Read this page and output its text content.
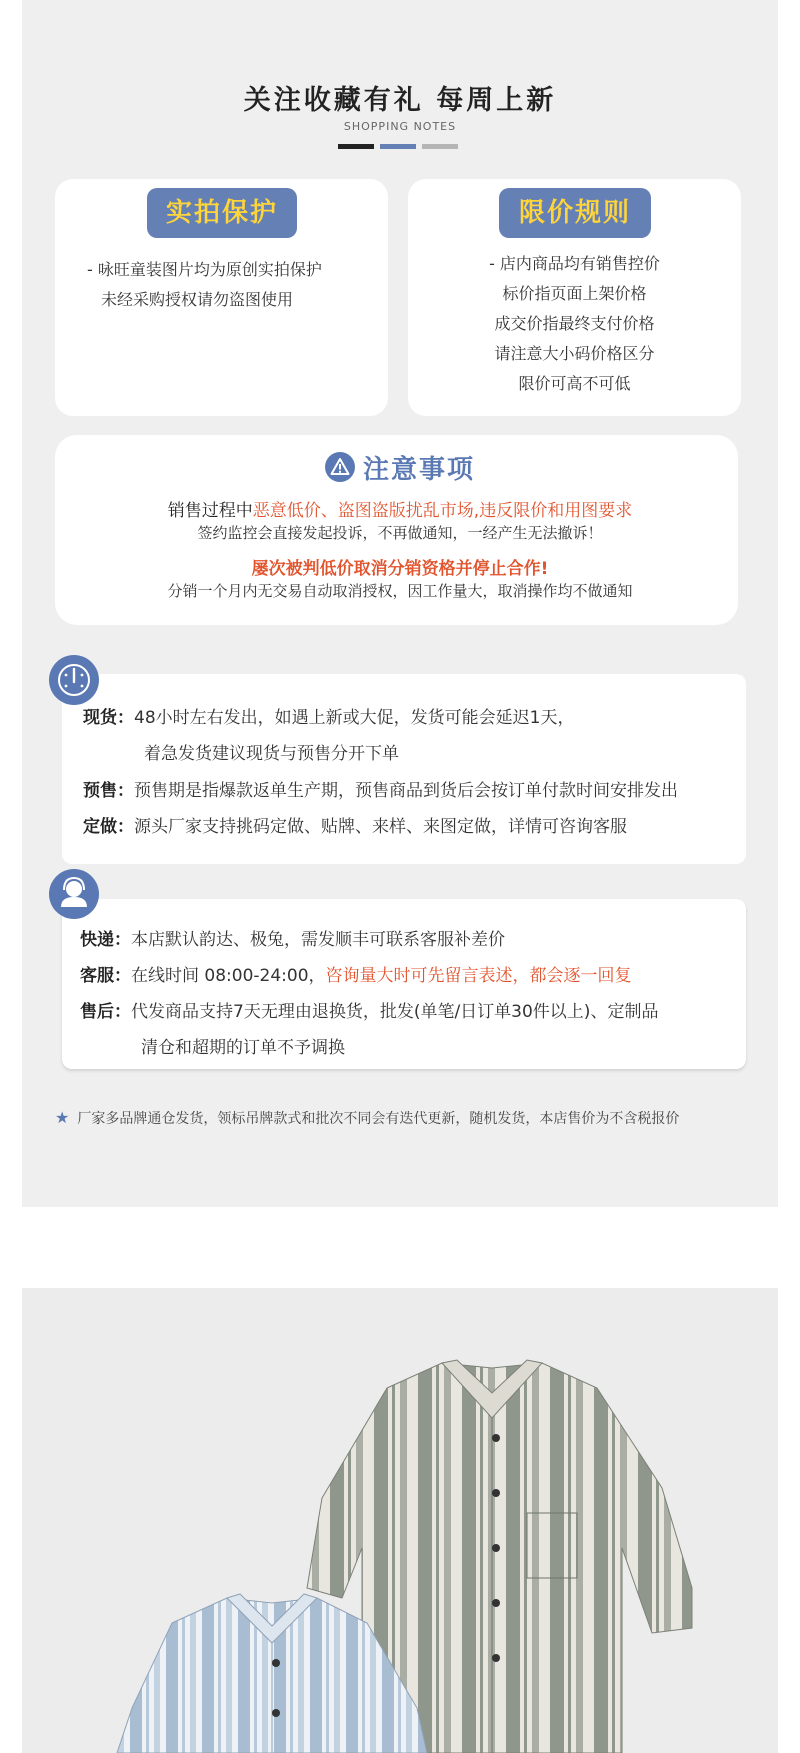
关注收藏有礼 每周上新
SHOPPING NOTES
实拍保护
- 咏旺童装图片均为原创实拍保护
未经采购授权请勿盗图使用
限价规则
- 店内商品均有销售控价
标价指页面上架价格
成交价指最终支付价格
请注意大小码价格区分
限价可高不可低
注意事项
销售过程中恶意低价、盗图盗版扰乱市场,违反限价和用图要求
签约监控会直接发起投诉，不再做通知，一经产生无法撤诉！
屡次被判低价取消分销资格并停止合作!
分销一个月内无交易自动取消授权，因工作量大，取消操作均不做通知
现货：48小时左右发出，如遇上新或大促，发货可能会延迟1天，
着急发货建议现货与预售分开下单
预售：预售期是指爆款返单生产期，预售商品到货后会按订单付款时间安排发出
定做：源头厂家支持挑码定做、贴牌、来样、来图定做，详情可咨询客服
快递：本店默认韵达、极兔，需发顺丰可联系客服补差价
客服：在线时间 08:00-24:00，咨询量大时可先留言表述，都会逐一回复
售后：代发商品支持7天无理由退换货，批发(单笔/日订单30件以上)、定制品
清仓和超期的订单不予调换
★ 厂家多品牌通仓发货，领标吊牌款式和批次不同会有迭代更新，随机发货，本店售价为不含税报价
